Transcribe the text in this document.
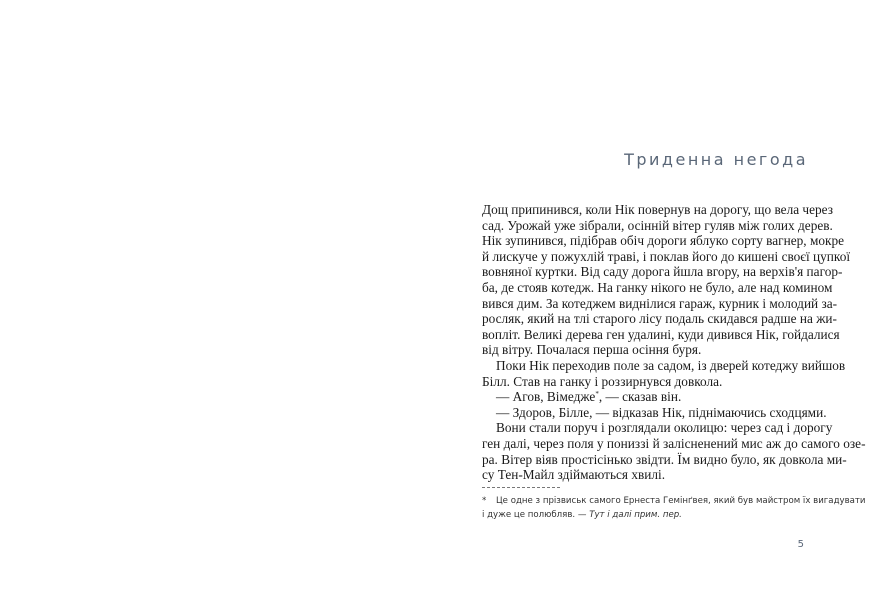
Триденна негода
Дощ припинився, коли Нік повернув на дорогу, що вела через
сад. Урожай уже зібрали, осінній вітер гуляв між голих дерев.
Нік зупинився, підібрав обіч дороги яблуко сорту вагнер, мокре
й лискуче у пожухлій траві, і поклав його до кишені своєї цупкої
вовняної куртки. Від саду дорога йшла вгору, на верхів'я пагор-
ба, де стояв котедж. На ганку нікого не було, але над комином
вився дим. За котеджем виднілися гараж, курник і молодий за-
росляк, який на тлі старого лісу подаль скидався радше на жи-
вопліт. Великі дерева ген удалині, куди дивився Нік, гойдалися
від вітру. Почалася перша осіння буря.
Поки Нік переходив поле за садом, із дверей котеджу вийшов
Білл. Став на ганку і роззирнувся довкола.
— Агов, Вімедже*, — сказав він.
— Здоров, Білле, — відказав Нік, піднімаючись сходцями.
Вони стали поруч і розглядали околицю: через сад і дорогу
ген далі, через поля у пониззі й залісненений мис аж до самого озе-
ра. Вітер віяв простісінько звідти. Їм видно було, як довкола ми-
су Тен-Майл здіймаються хвилі.
* Це одне з прізвиськ самого Ернеста Гемінґвея, який був майстром їх вигадувати
і дуже це полюбляв. — Тут і далі прим. пер.
5
